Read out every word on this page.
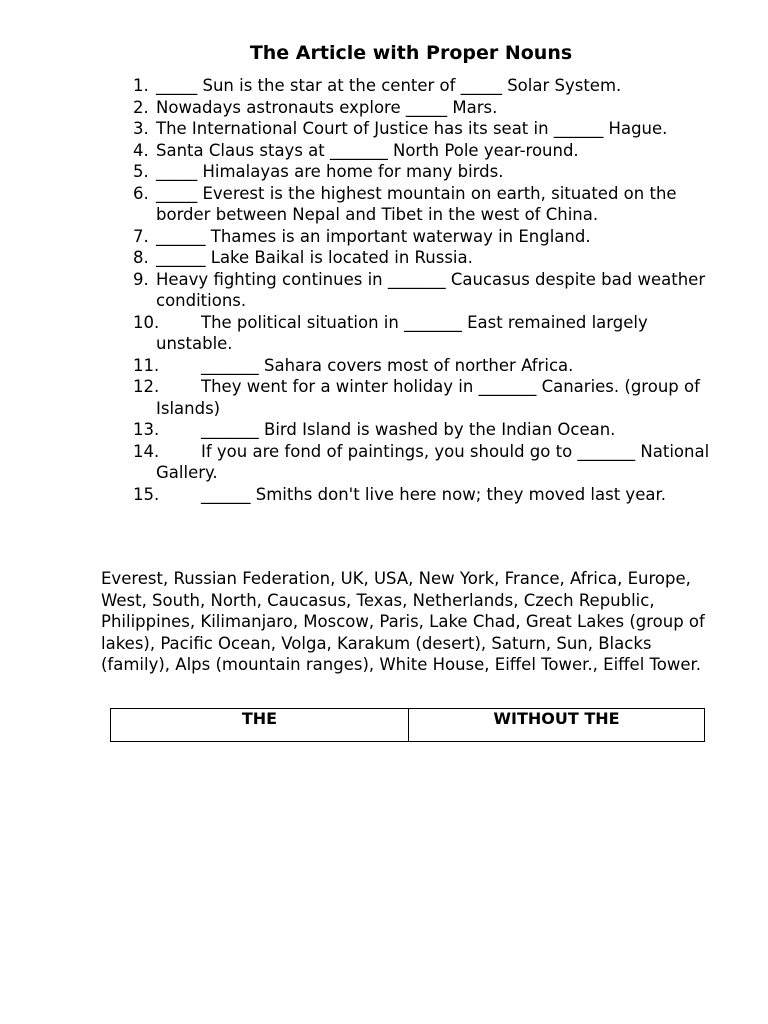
The Article with Proper Nouns
1. _____ Sun is the star at the center of _____ Solar System.
2. Nowadays astronauts explore _____ Mars.
3. The International Court of Justice has its seat in ______ Hague.
4. Santa Claus stays at _______ North Pole year-round.
5. _____ Himalayas are home for many birds.
6. _____ Everest is the highest mountain on earth, situated on the border between Nepal and Tibet in the west of China.
7. ______ Thames is an important waterway in England.
8. ______ Lake Baikal is located in Russia.
9. Heavy fighting continues in _______ Caucasus despite bad weather conditions.
10.	The political situation in _______ East remained largely unstable.
11.	_______ Sahara covers most of norther Africa.
12.	They went for a winter holiday in _______ Canaries. (group of Islands)
13.	_______ Bird Island is washed by the Indian Ocean.
14.	If you are fond of paintings, you should go to _______ National Gallery.
15.	______ Smiths don't live here now; they moved last year.

Everest, Russian Federation, UK, USA, New York, France, Africa, Europe, West, South, North, Caucasus, Texas, Netherlands, Czech Republic, Philippines, Kilimanjaro, Moscow, Paris, Lake Chad, Great Lakes (group of lakes), Pacific Ocean, Volga, Karakum (desert), Saturn, Sun, Blacks (family), Alps (mountain ranges), White House, Eiffel Tower., Eiffel Tower.

THE	WITHOUT THE
